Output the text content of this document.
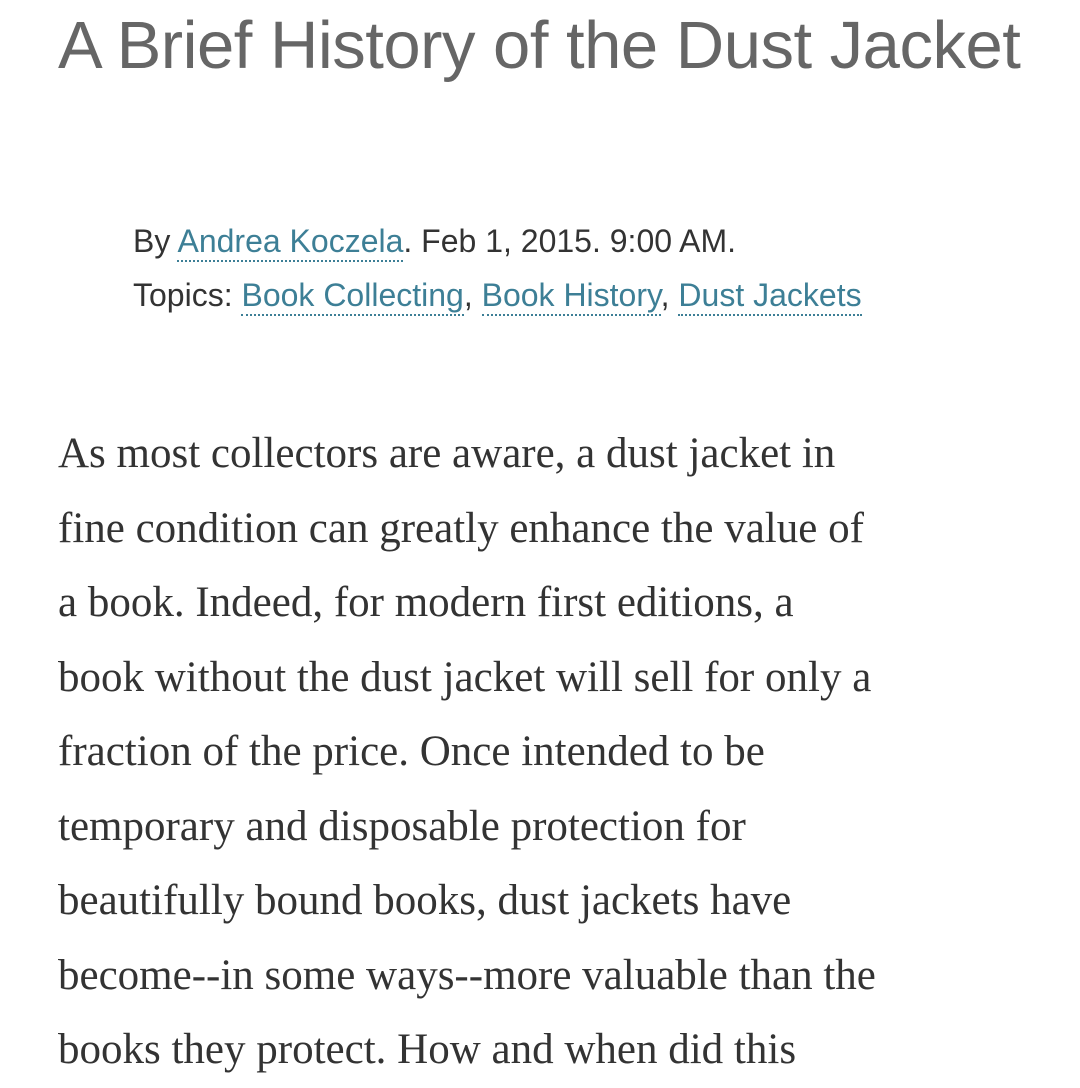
A Brief History of the Dust Jacket
By Andrea Koczela. Feb 1, 2015. 9:00 AM.
Topics: Book Collecting, Book History, Dust Jackets

As most collectors are aware, a dust jacket in
fine condition can greatly enhance the value of
a book. Indeed, for modern first editions, a
book without the dust jacket will sell for only a
fraction of the price. Once intended to be
temporary and disposable protection for
beautifully bound books, dust jackets have
become--in some ways--more valuable than the
books they protect. How and when did this
